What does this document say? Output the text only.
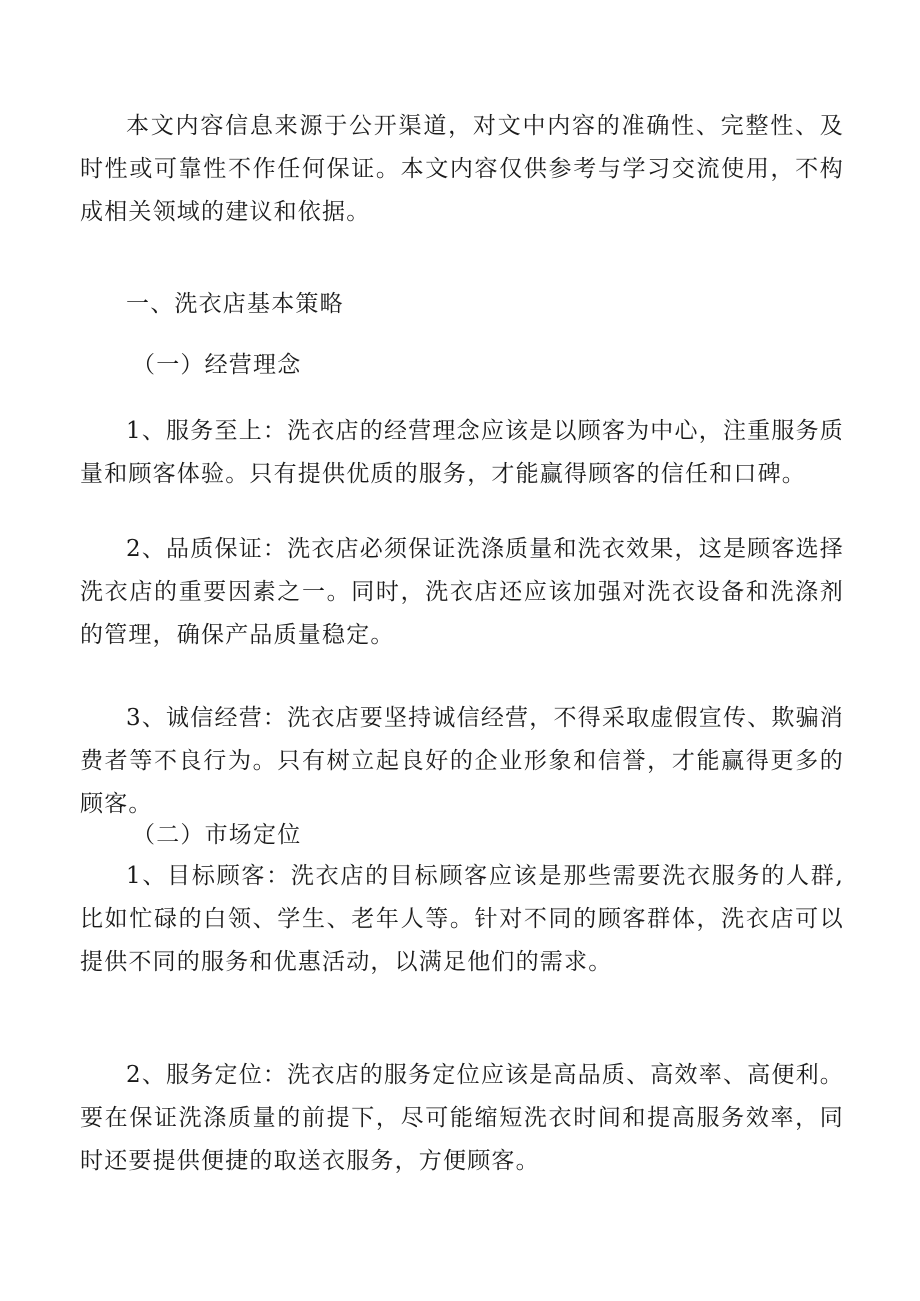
本文内容信息来源于公开渠道，对文中内容的准确性、完整性、及时性或可靠性不作任何保证。本文内容仅供参考与学习交流使用，不构成相关领域的建议和依据。

一、洗衣店基本策略

（一）经营理念

1、服务至上：洗衣店的经营理念应该是以顾客为中心，注重服务质量和顾客体验。只有提供优质的服务，才能赢得顾客的信任和口碑。

2、品质保证：洗衣店必须保证洗涤质量和洗衣效果，这是顾客选择洗衣店的重要因素之一。同时，洗衣店还应该加强对洗衣设备和洗涤剂的管理，确保产品质量稳定。

3、诚信经营：洗衣店要坚持诚信经营，不得采取虚假宣传、欺骗消费者等不良行为。只有树立起良好的企业形象和信誉，才能赢得更多的顾客。

（二）市场定位

1、目标顾客：洗衣店的目标顾客应该是那些需要洗衣服务的人群,比如忙碌的白领、学生、老年人等。针对不同的顾客群体，洗衣店可以提供不同的服务和优惠活动，以满足他们的需求。

2、服务定位：洗衣店的服务定位应该是高品质、高效率、高便利。要在保证洗涤质量的前提下，尽可能缩短洗衣时间和提高服务效率，同时还要提供便捷的取送衣服务，方便顾客。
